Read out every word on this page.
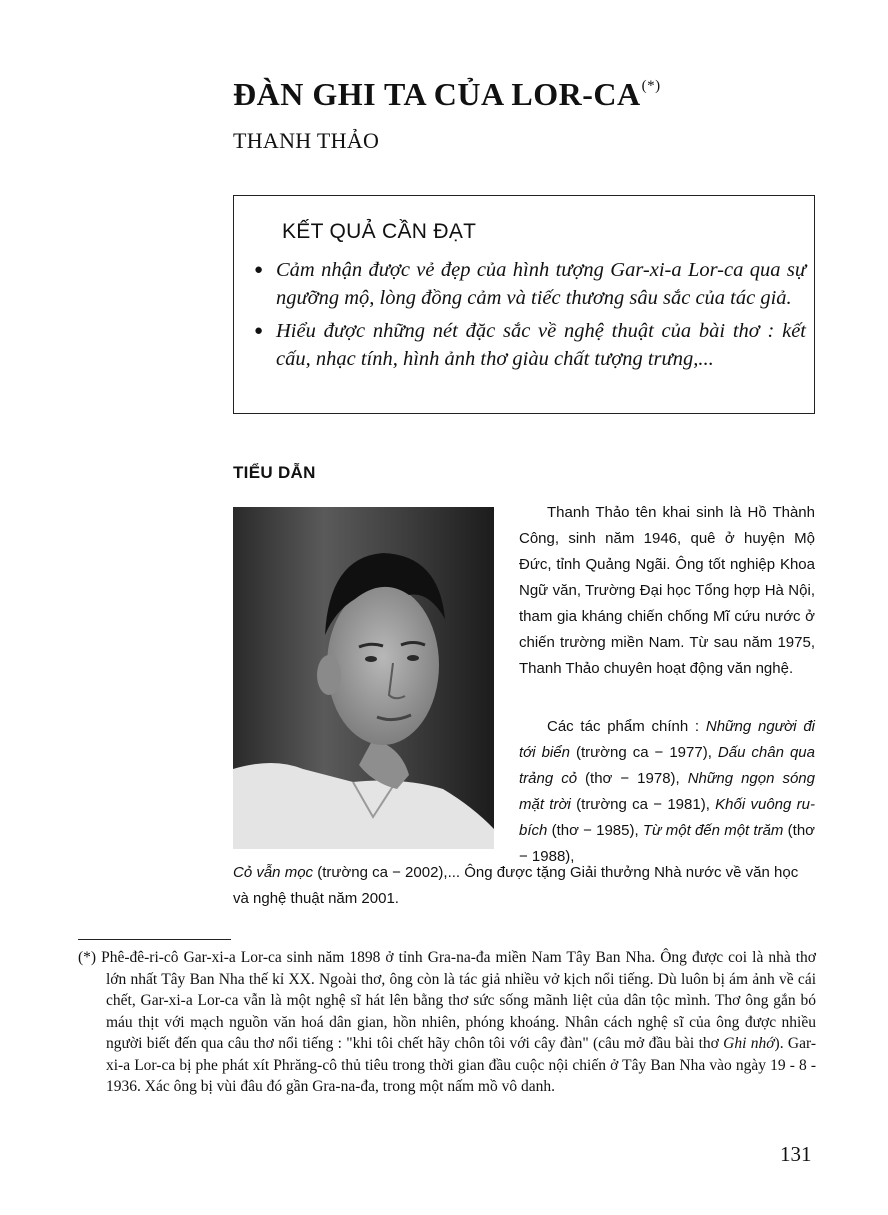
ĐÀN GHI TA CỦA LOR-CA(*)
THANH THẢO
KẾT QUẢ CẦN ĐẠT
● Cảm nhận được vẻ đẹp của hình tượng Gar-xi-a Lor-ca qua sự ngưỡng mộ, lòng đồng cảm và tiếc thương sâu sắc của tác giả.
● Hiểu được những nét đặc sắc về nghệ thuật của bài thơ : kết cấu, nhạc tính, hình ảnh thơ giàu chất tượng trưng,...
TIỂU DẪN

Thanh Thảo tên khai sinh là Hồ Thành Công, sinh năm 1946, quê ở huyện Mộ Đức, tỉnh Quảng Ngãi. Ông tốt nghiệp Khoa Ngữ văn, Trường Đại học Tổng hợp Hà Nội, tham gia kháng chiến chống Mĩ cứu nước ở chiến trường miền Nam. Từ sau năm 1975, Thanh Thảo chuyên hoạt động văn nghệ.

Các tác phẩm chính : Những người đi tới biển (trường ca − 1977), Dấu chân qua trảng cỏ (thơ − 1978), Những ngọn sóng mặt trời (trường ca − 1981), Khối vuông ru-bích (thơ − 1985), Từ một đến một trăm (thơ − 1988),

Cỏ vẫn mọc (trường ca − 2002),... Ông được tặng Giải thưởng Nhà nước về văn học và nghệ thuật năm 2001.

(*) Phê-đê-ri-cô Gar-xi-a Lor-ca sinh năm 1898 ở tỉnh Gra-na-đa miền Nam Tây Ban Nha. Ông được coi là nhà thơ lớn nhất Tây Ban Nha thế kỉ XX. Ngoài thơ, ông còn là tác giả nhiều vở kịch nổi tiếng. Dù luôn bị ám ảnh về cái chết, Gar-xi-a Lor-ca vẫn là một nghệ sĩ hát lên bằng thơ sức sống mãnh liệt của dân tộc mình. Thơ ông gắn bó máu thịt với mạch nguồn văn hoá dân gian, hồn nhiên, phóng khoáng. Nhân cách nghệ sĩ của ông được nhiều người biết đến qua câu thơ nổi tiếng : "khi tôi chết hãy chôn tôi với cây đàn" (câu mở đầu bài thơ Ghi nhớ). Gar-xi-a Lor-ca bị phe phát xít Phrăng-cô thủ tiêu trong thời gian đầu cuộc nội chiến ở Tây Ban Nha vào ngày 19 - 8 - 1936. Xác ông bị vùi đâu đó gần Gra-na-đa, trong một nấm mồ vô danh.

131
